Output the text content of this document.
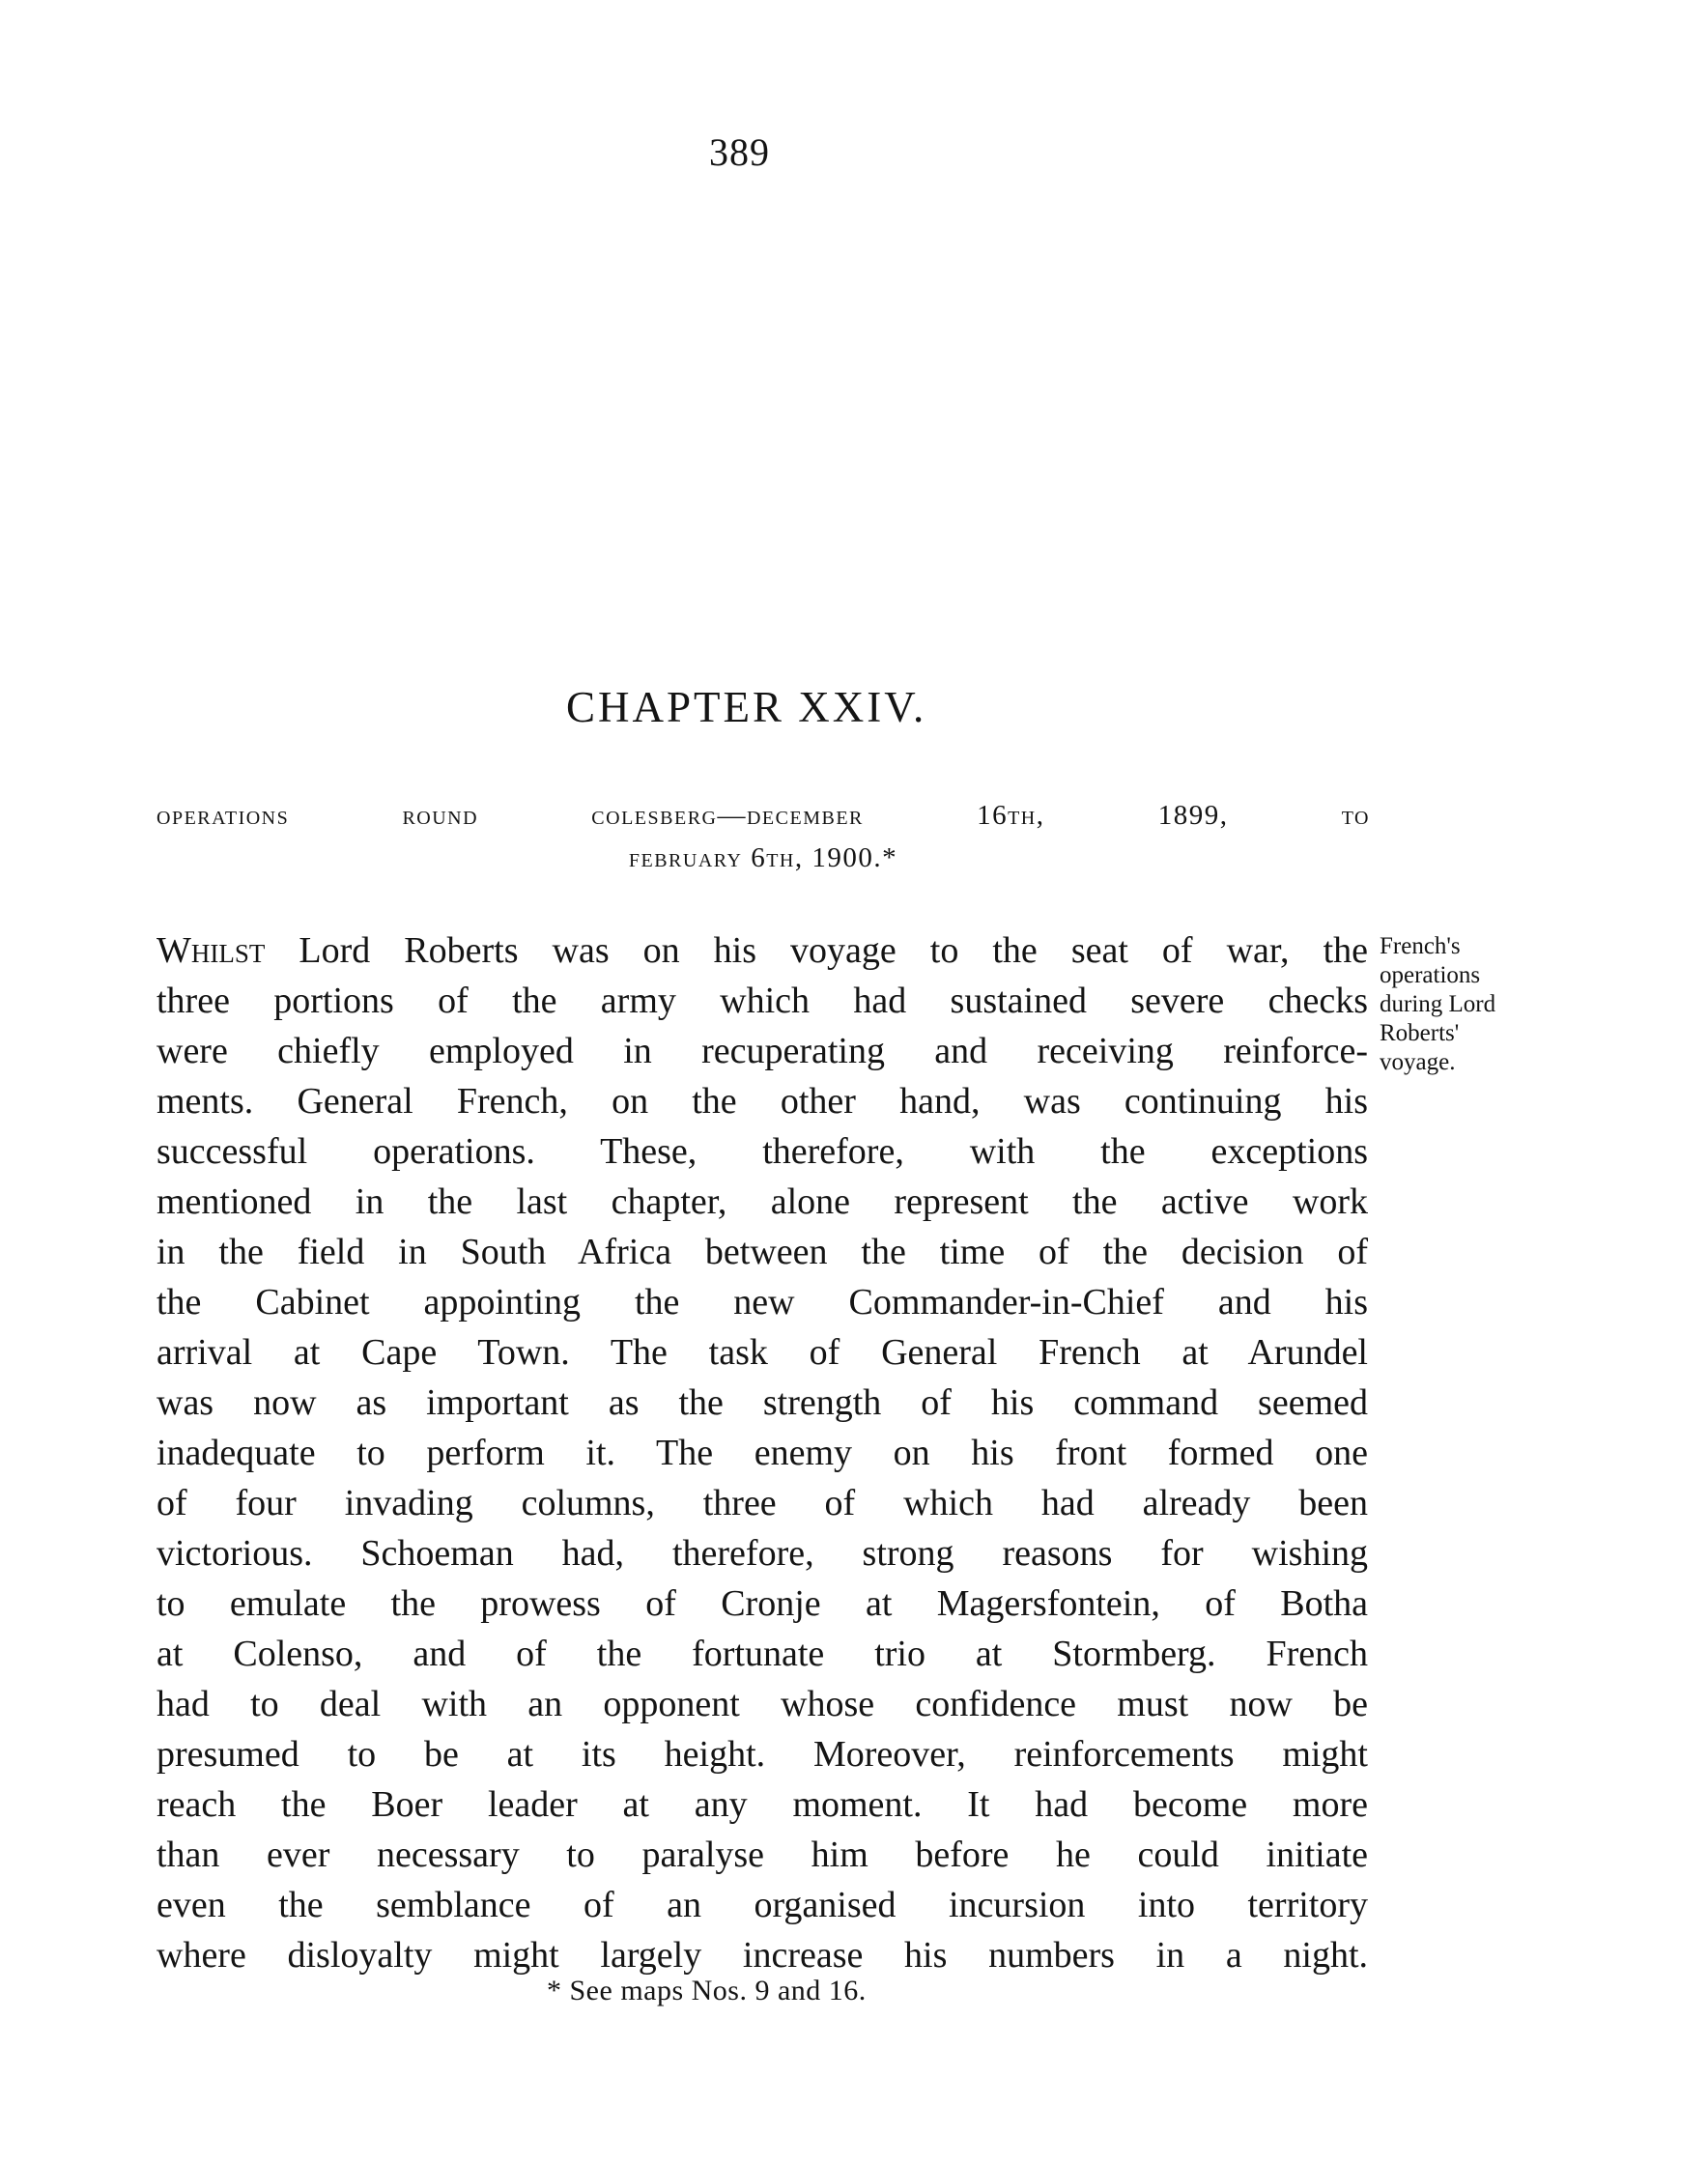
389
CHAPTER XXIV.
operations round colesberg—december 16th, 1899, to
february 6th, 1900.*
Whilst Lord Roberts was on his voyage to the seat of war, the
three portions of the army which had sustained severe checks
were chiefly employed in recuperating and receiving reinforce-
ments. General French, on the other hand, was continuing his
successful operations. These, therefore, with the exceptions
mentioned in the last chapter, alone represent the active work
in the field in South Africa between the time of the decision of
the Cabinet appointing the new Commander-in-Chief and his
arrival at Cape Town. The task of General French at Arundel
was now as important as the strength of his command seemed
inadequate to perform it. The enemy on his front formed one
of four invading columns, three of which had already been
victorious. Schoeman had, therefore, strong reasons for wishing
to emulate the prowess of Cronje at Magersfontein, of Botha
at Colenso, and of the fortunate trio at Stormberg. French
had to deal with an opponent whose confidence must now be
presumed to be at its height. Moreover, reinforcements might
reach the Boer leader at any moment. It had become more
than ever necessary to paralyse him before he could initiate
even the semblance of an organised incursion into territory
where disloyalty might largely increase his numbers in a night.
French's
operations
during Lord
Roberts'
voyage.
* See maps Nos. 9 and 16.
